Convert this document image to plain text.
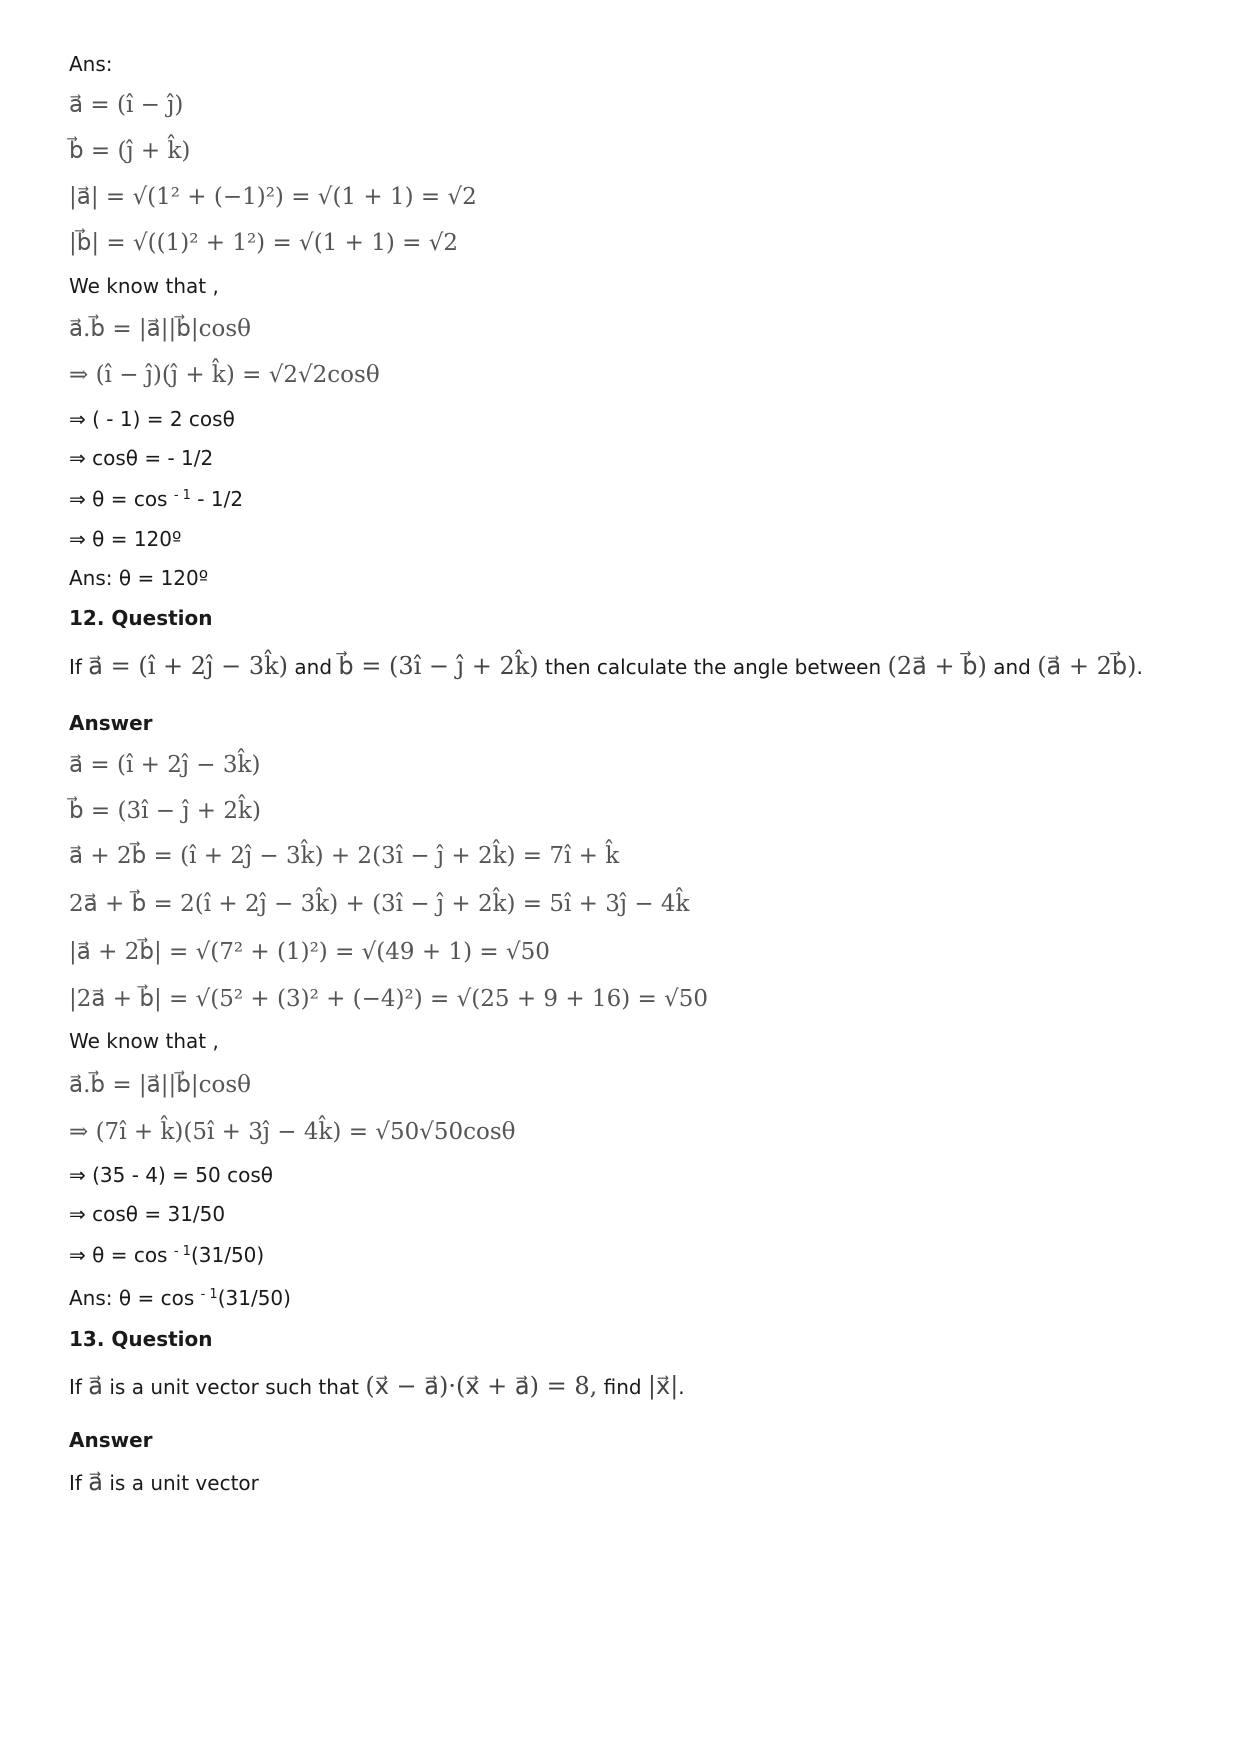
Ans:
a⃗ = (î − ĵ)
b⃗ = (ĵ + k̂)
|a⃗| = √(1² + (−1)²) = √(1 + 1) = √2
|b⃗| = √((1)² + 1²) = √(1 + 1) = √2
We know that ,
a⃗.b⃗ = |a⃗||b⃗|cosθ
⇒ (î − ĵ)(ĵ + k̂) = √2√2cosθ
⇒ ( - 1) = 2 cosθ
⇒ cosθ = - 1/2
⇒ θ = cos $^{- 1}$ - 1/2
⇒ θ = 120º
Ans: θ = 120º
12. Question
If a⃗ = (î + 2ĵ − 3k̂) and b⃗ = (3î − ĵ + 2k̂) then calculate the angle between (2a⃗ + b⃗) and (a⃗ + 2b⃗).
Answer
a⃗ = (î + 2ĵ − 3k̂)
b⃗ = (3î − ĵ + 2k̂)
a⃗ + 2b⃗ = (î + 2ĵ − 3k̂) + 2(3î − ĵ + 2k̂) = 7î + k̂
2a⃗ + b⃗ = 2(î + 2ĵ − 3k̂) + (3î − ĵ + 2k̂) = 5î + 3ĵ − 4k̂
|a⃗ + 2b⃗| = √(7² + (1)²) = √(49 + 1) = √50
|2a⃗ + b⃗| = √(5² + (3)² + (−4)²) = √(25 + 9 + 16) = √50
We know that ,
a⃗.b⃗ = |a⃗||b⃗|cosθ
⇒ (7î + k̂)(5î + 3ĵ − 4k̂) = √50√50cosθ
⇒ (35 - 4) = 50 cosθ
⇒ cosθ = 31/50
⇒ θ = cos $^{- 1}$(31/50)
Ans: θ = cos $^{- 1}$(31/50)
13. Question
If a⃗ is a unit vector such that (x⃗ − a⃗)·(x⃗ + a⃗) = 8, find |x⃗|.
Answer
If a⃗ is a unit vector
